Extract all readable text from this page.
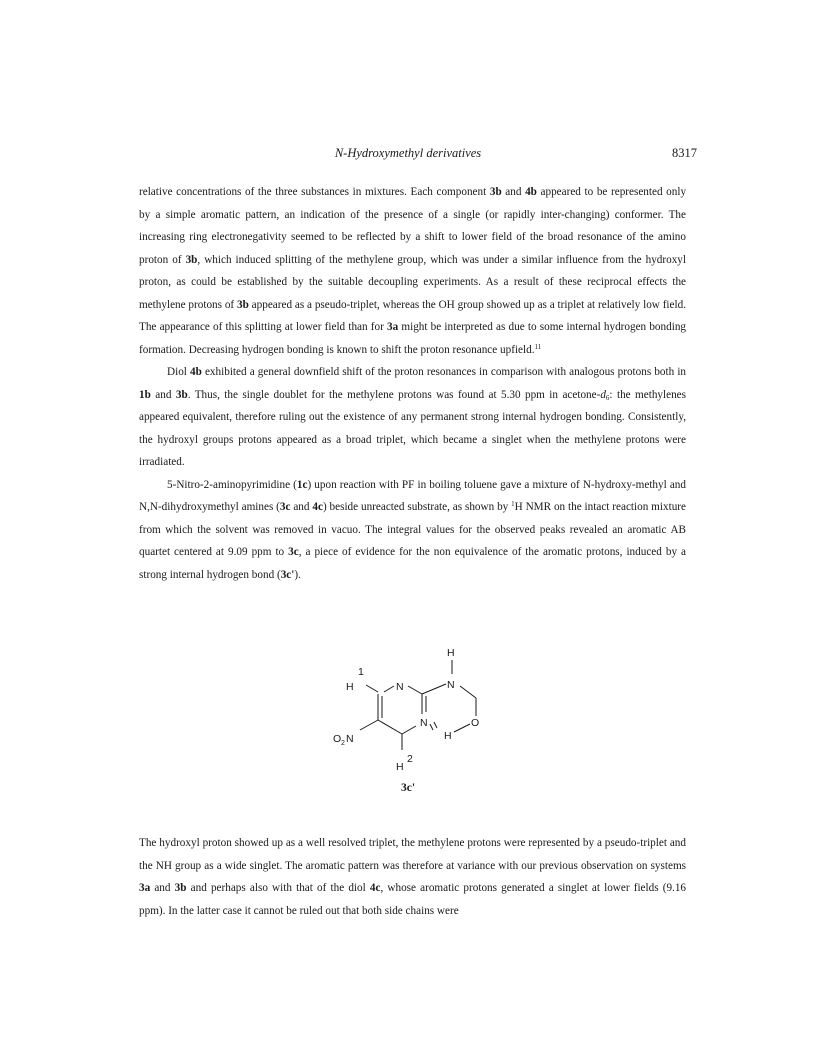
N-Hydroxymethyl derivatives	8317

relative concentrations of the three substances in mixtures. Each component 3b and 4b appeared to be represented only by a simple aromatic pattern, an indication of the presence of a single (or rapidly inter-changing) conformer. The increasing ring electronegativity seemed to be reflected by a shift to lower field of the broad resonance of the amino proton of 3b, which induced splitting of the methylene group, which was under a similar influence from the hydroxyl proton, as could be established by the suitable decoupling experiments. As a result of these reciprocal effects the methylene protons of 3b appeared as a pseudo-triplet, whereas the OH group showed up as a triplet at relatively low field. The appearance of this splitting at lower field than for 3a might be interpreted as due to some internal hydrogen bonding formation. Decreasing hydrogen bonding is known to shift the proton resonance upfield.$^{11}$

Diol 4b exhibited a general downfield shift of the proton resonances in comparison with analogous protons both in 1b and 3b. Thus, the single doublet for the methylene protons was found at 5.30 ppm in acetone-$d_6$: the methylenes appeared equivalent, therefore ruling out the existence of any permanent strong internal hydrogen bonding. Consistently, the hydroxyl groups protons appeared as a broad triplet, which became a singlet when the methylene protons were irradiated.

5-Nitro-2-aminopyrimidine (1c) upon reaction with PF in boiling toluene gave a mixture of N-hydroxy-methyl and N,N-dihydroxymethyl amines (3c and 4c) beside unreacted substrate, as shown by $^1$H NMR on the intact reaction mixture from which the solvent was removed in vacuo. The integral values for the observed peaks revealed an aromatic AB quartet centered at 9.09 ppm to 3c, a piece of evidence for the non equivalence of the aromatic protons, induced by a strong internal hydrogen bond (3c').

H
N
N
N	O
H
H
1
H
2
O 2 N
3c'

The hydroxyl proton showed up as a well resolved triplet, the methylene protons were represented by a pseudo-triplet and the NH group as a wide singlet. The aromatic pattern was therefore at variance with our previous observation on systems 3a and 3b and perhaps also with that of the diol 4c, whose aromatic protons generated a singlet at lower fields (9.16 ppm). In the latter case it cannot be ruled out that both side chains were
